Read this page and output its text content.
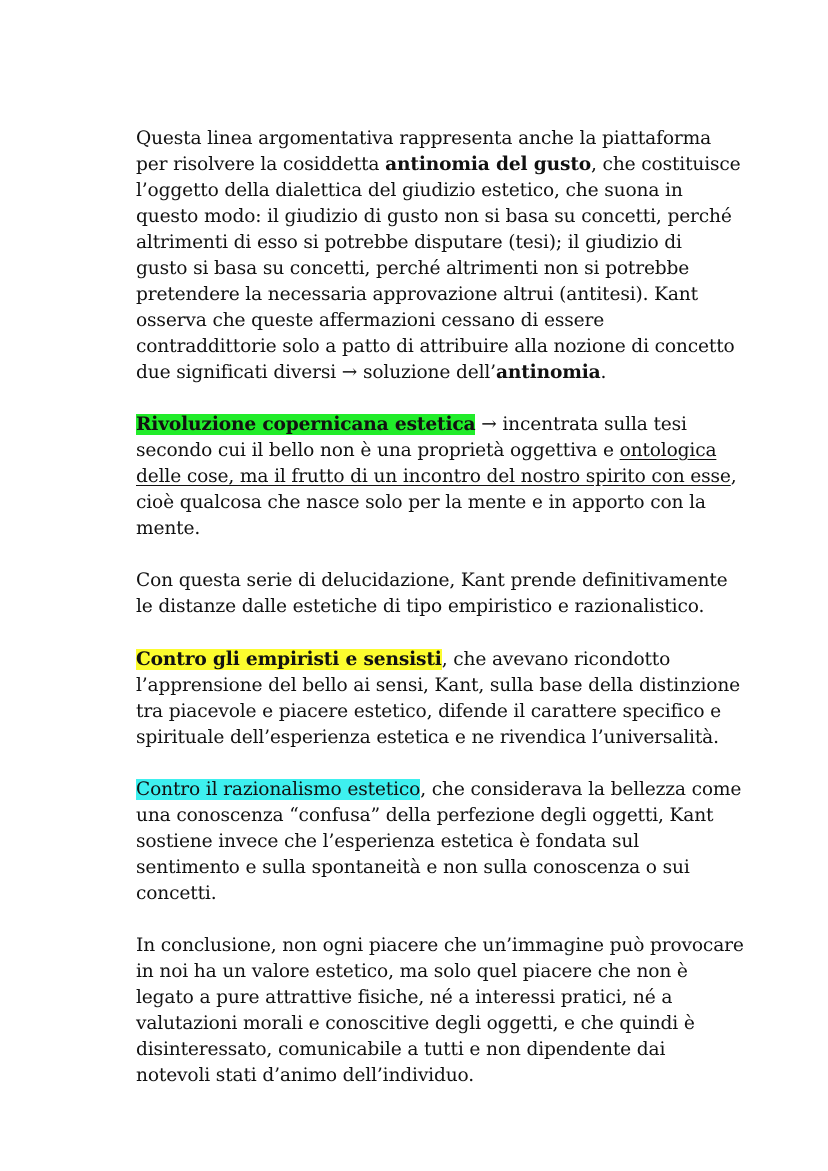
Questa linea argomentativa rappresenta anche la piattaforma
per risolvere la cosiddetta antinomia del gusto, che costituisce
l’oggetto della dialettica del giudizio estetico, che suona in
questo modo: il giudizio di gusto non si basa su concetti, perché
altrimenti di esso si potrebbe disputare (tesi); il giudizio di
gusto si basa su concetti, perché altrimenti non si potrebbe
pretendere la necessaria approvazione altrui (antitesi). Kant
osserva che queste affermazioni cessano di essere
contraddittorie solo a patto di attribuire alla nozione di concetto
due significati diversi → soluzione dell’antinomia.
Rivoluzione copernicana estetica → incentrata sulla tesi
secondo cui il bello non è una proprietà oggettiva e ontologica
delle cose, ma il frutto di un incontro del nostro spirito con esse,
cioè qualcosa che nasce solo per la mente e in apporto con la
mente.
Con questa serie di delucidazione, Kant prende definitivamente
le distanze dalle estetiche di tipo empiristico e razionalistico.
Contro gli empiristi e sensisti, che avevano ricondotto
l’apprensione del bello ai sensi, Kant, sulla base della distinzione
tra piacevole e piacere estetico, difende il carattere specifico e
spirituale dell’esperienza estetica e ne rivendica l’universalità.
Contro il razionalismo estetico, che considerava la bellezza come
una conoscenza “confusa” della perfezione degli oggetti, Kant
sostiene invece che l’esperienza estetica è fondata sul
sentimento e sulla spontaneità e non sulla conoscenza o sui
concetti.
In conclusione, non ogni piacere che un’immagine può provocare
in noi ha un valore estetico, ma solo quel piacere che non è
legato a pure attrattive fisiche, né a interessi pratici, né a
valutazioni morali e conoscitive degli oggetti, e che quindi è
disinteressato, comunicabile a tutti e non dipendente dai
notevoli stati d’animo dell’individuo.
